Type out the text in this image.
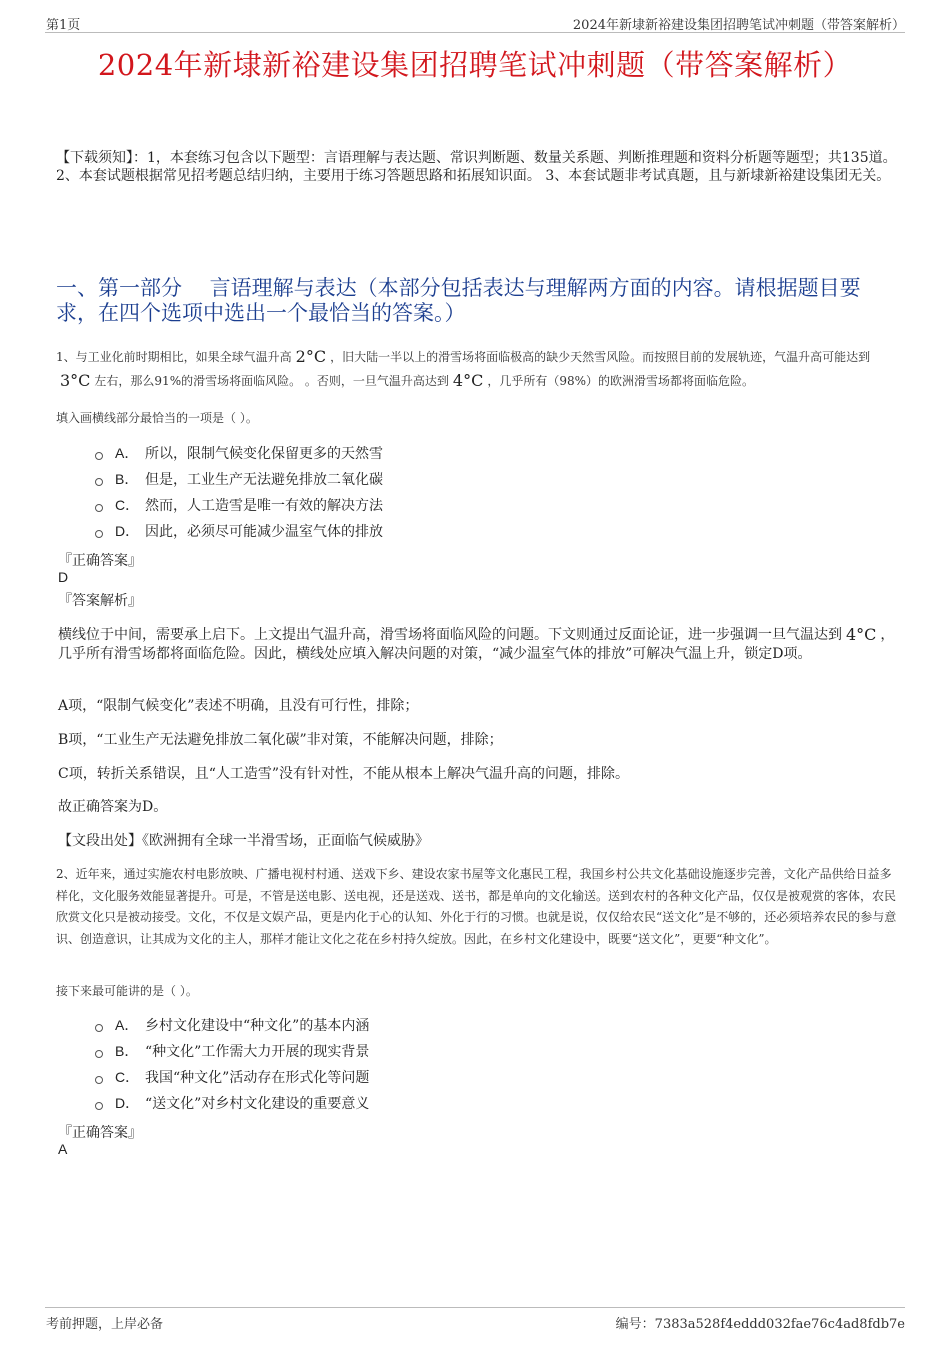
第1页	2024年新埭新裕建设集团招聘笔试冲刺题（带答案解析）
2024年新埭新裕建设集团招聘笔试冲刺题（带答案解析）
【下载须知】：1，本套练习包含以下题型：言语理解与表达题、常识判断题、数量关系题、判断推理题和资料分析题等题型；共135道。 2、本套试题根据常见招考题总结归纳，主要用于练习答题思路和拓展知识面。 3、本套试题非考试真题，且与新埭新裕建设集团无关。
一、第一部分　 言语理解与表达（本部分包括表达与理解两方面的内容。请根据题目要求，在四个选项中选出一个最恰当的答案。）
1、与工业化前时期相比，如果全球气温升高 2°C ，旧大陆一半以上的滑雪场将面临极高的缺少天然雪风险。而按照目前的发展轨迹，气温升高可能达到3°C 左右，那么91%的滑雪场将面临风险。 。否则，一旦气温升高达到 4°C ，几乎所有（98%）的欧洲滑雪场都将面临危险。
填入画横线部分最恰当的一项是（ ）。
A． 所以，限制气候变化保留更多的天然雪
B． 但是，工业生产无法避免排放二氧化碳
C． 然而，人工造雪是唯一有效的解决方法
D． 因此，必须尽可能减少温室气体的排放
『正确答案』
D
『答案解析』
横线位于中间，需要承上启下。上文提出气温升高，滑雪场将面临风险的问题。下文则通过反面论证，进一步强调一旦气温达到 4°C ，几乎所有滑雪场都将面临危险。因此，横线处应填入解决问题的对策，“减少温室气体的排放”可解决气温上升，锁定D项。
A项，“限制气候变化”表述不明确，且没有可行性，排除；
B项，“工业生产无法避免排放二氧化碳”非对策，不能解决问题，排除；
C项，转折关系错误，且“人工造雪”没有针对性，不能从根本上解决气温升高的问题，排除。
故正确答案为D。
【文段出处】《欧洲拥有全球一半滑雪场，正面临气候威胁》
2、近年来，通过实施农村电影放映、广播电视村村通、送戏下乡、建设农家书屋等文化惠民工程，我国乡村公共文化基础设施逐步完善，文化产品供给日益多样化，文化服务效能显著提升。可是，不管是送电影、送电视，还是送戏、送书，都是单向的文化输送。送到农村的各种文化产品，仅仅是被观赏的客体，农民欣赏文化只是被动接受。文化，不仅是文娱产品，更是内化于心的认知、外化于行的习惯。也就是说，仅仅给农民“送文化”是不够的，还必须培养农民的参与意识、创造意识，让其成为文化的主人，那样才能让文化之花在乡村持久绽放。因此，在乡村文化建设中，既要“送文化”，更要“种文化”。
接下来最可能讲的是（ ）。
A． 乡村文化建设中“种文化”的基本内涵
B． “种文化”工作需大力开展的现实背景
C． 我国“种文化”活动存在形式化等问题
D． “送文化”对乡村文化建设的重要意义
『正确答案』
A
考前押题，上岸必备	编号：7383a528f4eddd032fae76c4ad8fdb7e
